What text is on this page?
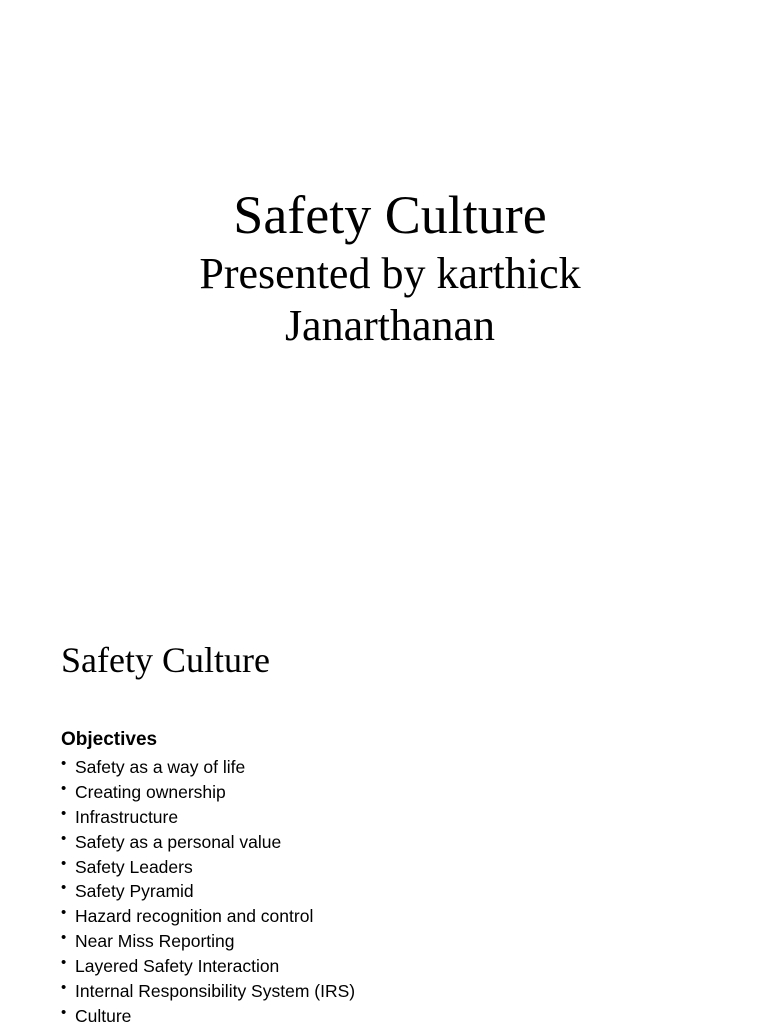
Safety Culture
Presented by karthick
Janarthanan
Safety Culture
Objectives
• Safety as a way of life
• Creating ownership
• Infrastructure
• Safety as a personal value
• Safety Leaders
• Safety Pyramid
• Hazard recognition and control
• Near Miss Reporting
• Layered Safety Interaction
• Internal Responsibility System (IRS)
• Culture
